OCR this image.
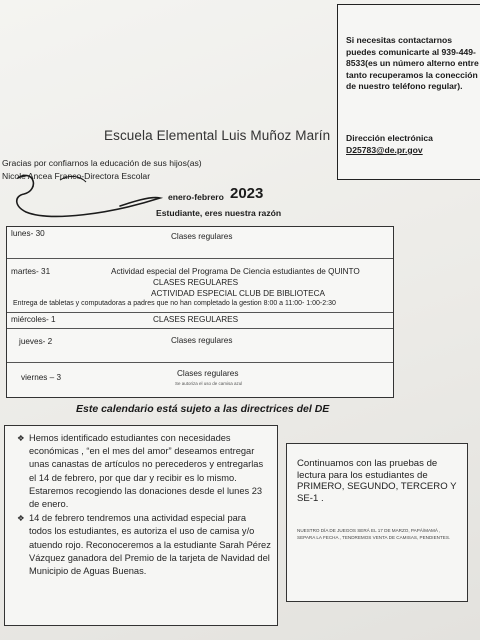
Si necesitas contactarnos puedes comunicarte al 939-449-8533(es un número alterno entre tanto recuperamos la conección de nuestro teléfono regular).
Dirección electrónica
D25783@de.pr.gov
Escuela Elemental Luis Muñoz Marín
Gracias por confiarnos la educación de sus hijos(as)
Nicole Ancea Franco-Directora Escolar
enero-febrero 2023
Estudiante, eres nuestra razón
lunes- 30	Clases regulares
martes- 31	Actividad especial del Programa De Ciencia estudiantes de QUINTO
CLASES REGULARES
ACTIVIDAD ESPECIAL CLUB DE BIBLIOTECA
Entrega de tabletas y computadoras a padres que no han completado la gestion 8:00 a 11:00- 1:00-2:30
miércoles- 1	CLASES REGULARES
jueves- 2	Clases regulares
viernes – 3	Clases regulares
Se autoriza el uso de camisa azul
Este calendario está sujeto a las directrices del DE
❖ Hemos identificado estudiantes con necesidades económicas , “en el mes del amor” deseamos entregar unas canastas de artículos no perecederos y entregarlas el 14 de febrero, por que dar y recibir es lo mismo. Estaremos recogiendo las donaciones desde el lunes 23 de enero.
❖ 14 de febrero tendremos una actividad especial para todos los estudiantes, es autoriza el uso de camisa y/o atuendo rojo. Reconoceremos a la estudiante Sarah Pérez Vázquez ganadora del Premio de la tarjeta de Navidad del Municipio de Aguas Buenas.
Continuamos con las pruebas de lectura para los estudiantes de PRIMERO, SEGUNDO, TERCERO Y SE-1 .
NUESTRO DÍA DE JUEGOS SERÁ EL 17 DE MARZO, PAPÁ/MAMÁ , SEPARA LA FECHA , TENDREMOS VENTA DE CAMISAS, PENDIENTES.
